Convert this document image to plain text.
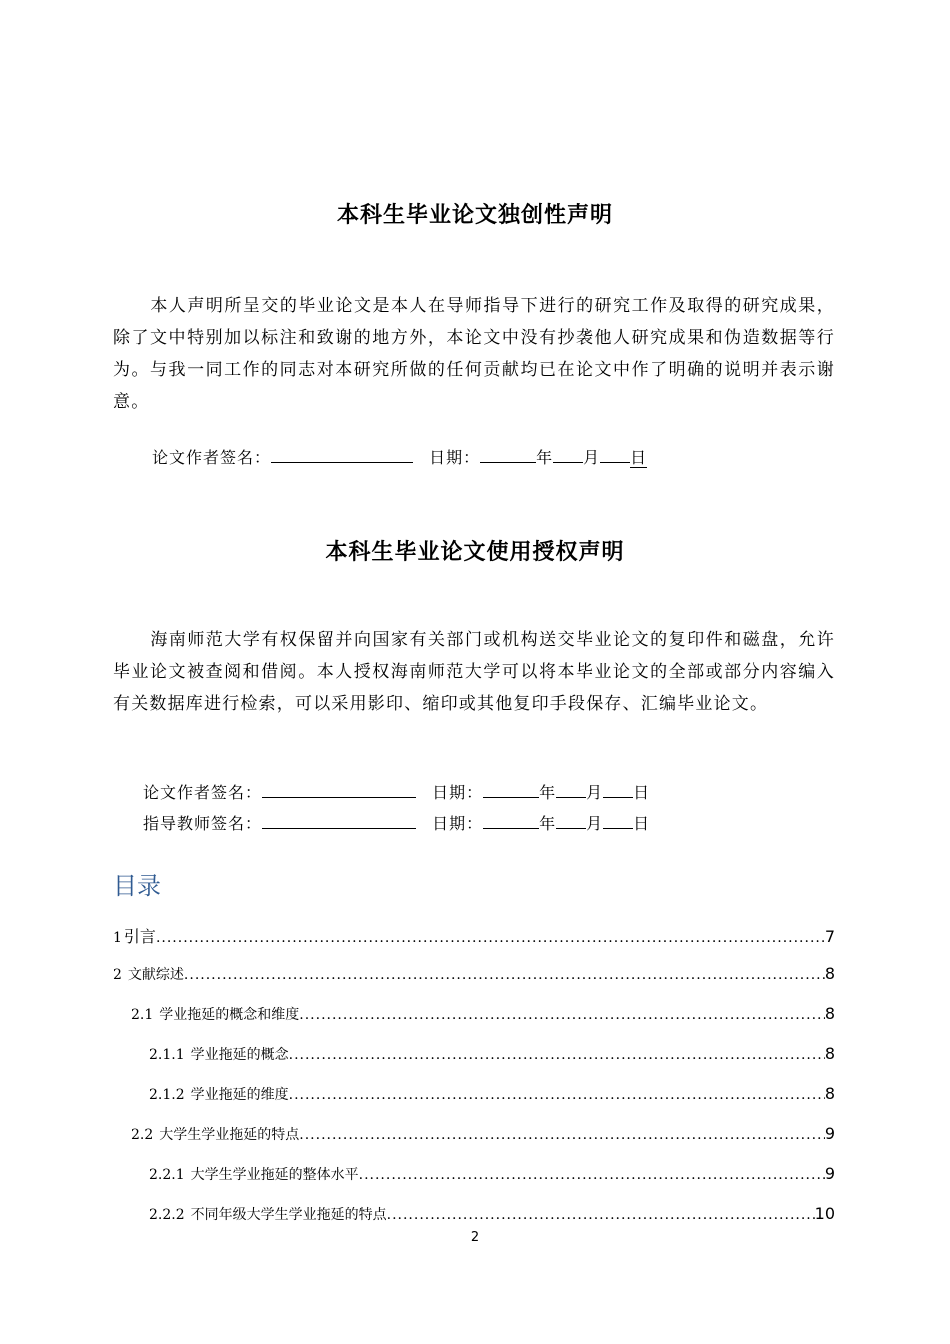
本科生毕业论文独创性声明
本人声明所呈交的毕业论文是本人在导师指导下进行的研究工作及取得的研究成果，除了文中特别加以标注和致谢的地方外，本论文中没有抄袭他人研究成果和伪造数据等行为。与我一同工作的同志对本研究所做的任何贡献均已在论文中作了明确的说明并表示谢意。
论文作者签名：	日期：	年 月 日
本科生毕业论文使用授权声明
海南师范大学有权保留并向国家有关部门或机构送交毕业论文的复印件和磁盘，允许毕业论文被查阅和借阅。本人授权海南师范大学可以将本毕业论文的全部或部分内容编入有关数据库进行检索，可以采用影印、缩印或其他复印手段保存、汇编毕业论文。
论文作者签名：	日期：	年 月 日
指导教师签名：	日期：	年 月 日
目录
1 引言 .....	7
2 文献综述 .....	8
2.1 学业拖延的概念和维度 .....	8
2.1.1 学业拖延的概念 .....	8
2.1.2 学业拖延的维度 .....	8
2.2 大学生学业拖延的特点 .....	9
2.2.1 大学生学业拖延的整体水平 .....	9
2.2.2 不同年级大学生学业拖延的特点 .....	10
2
